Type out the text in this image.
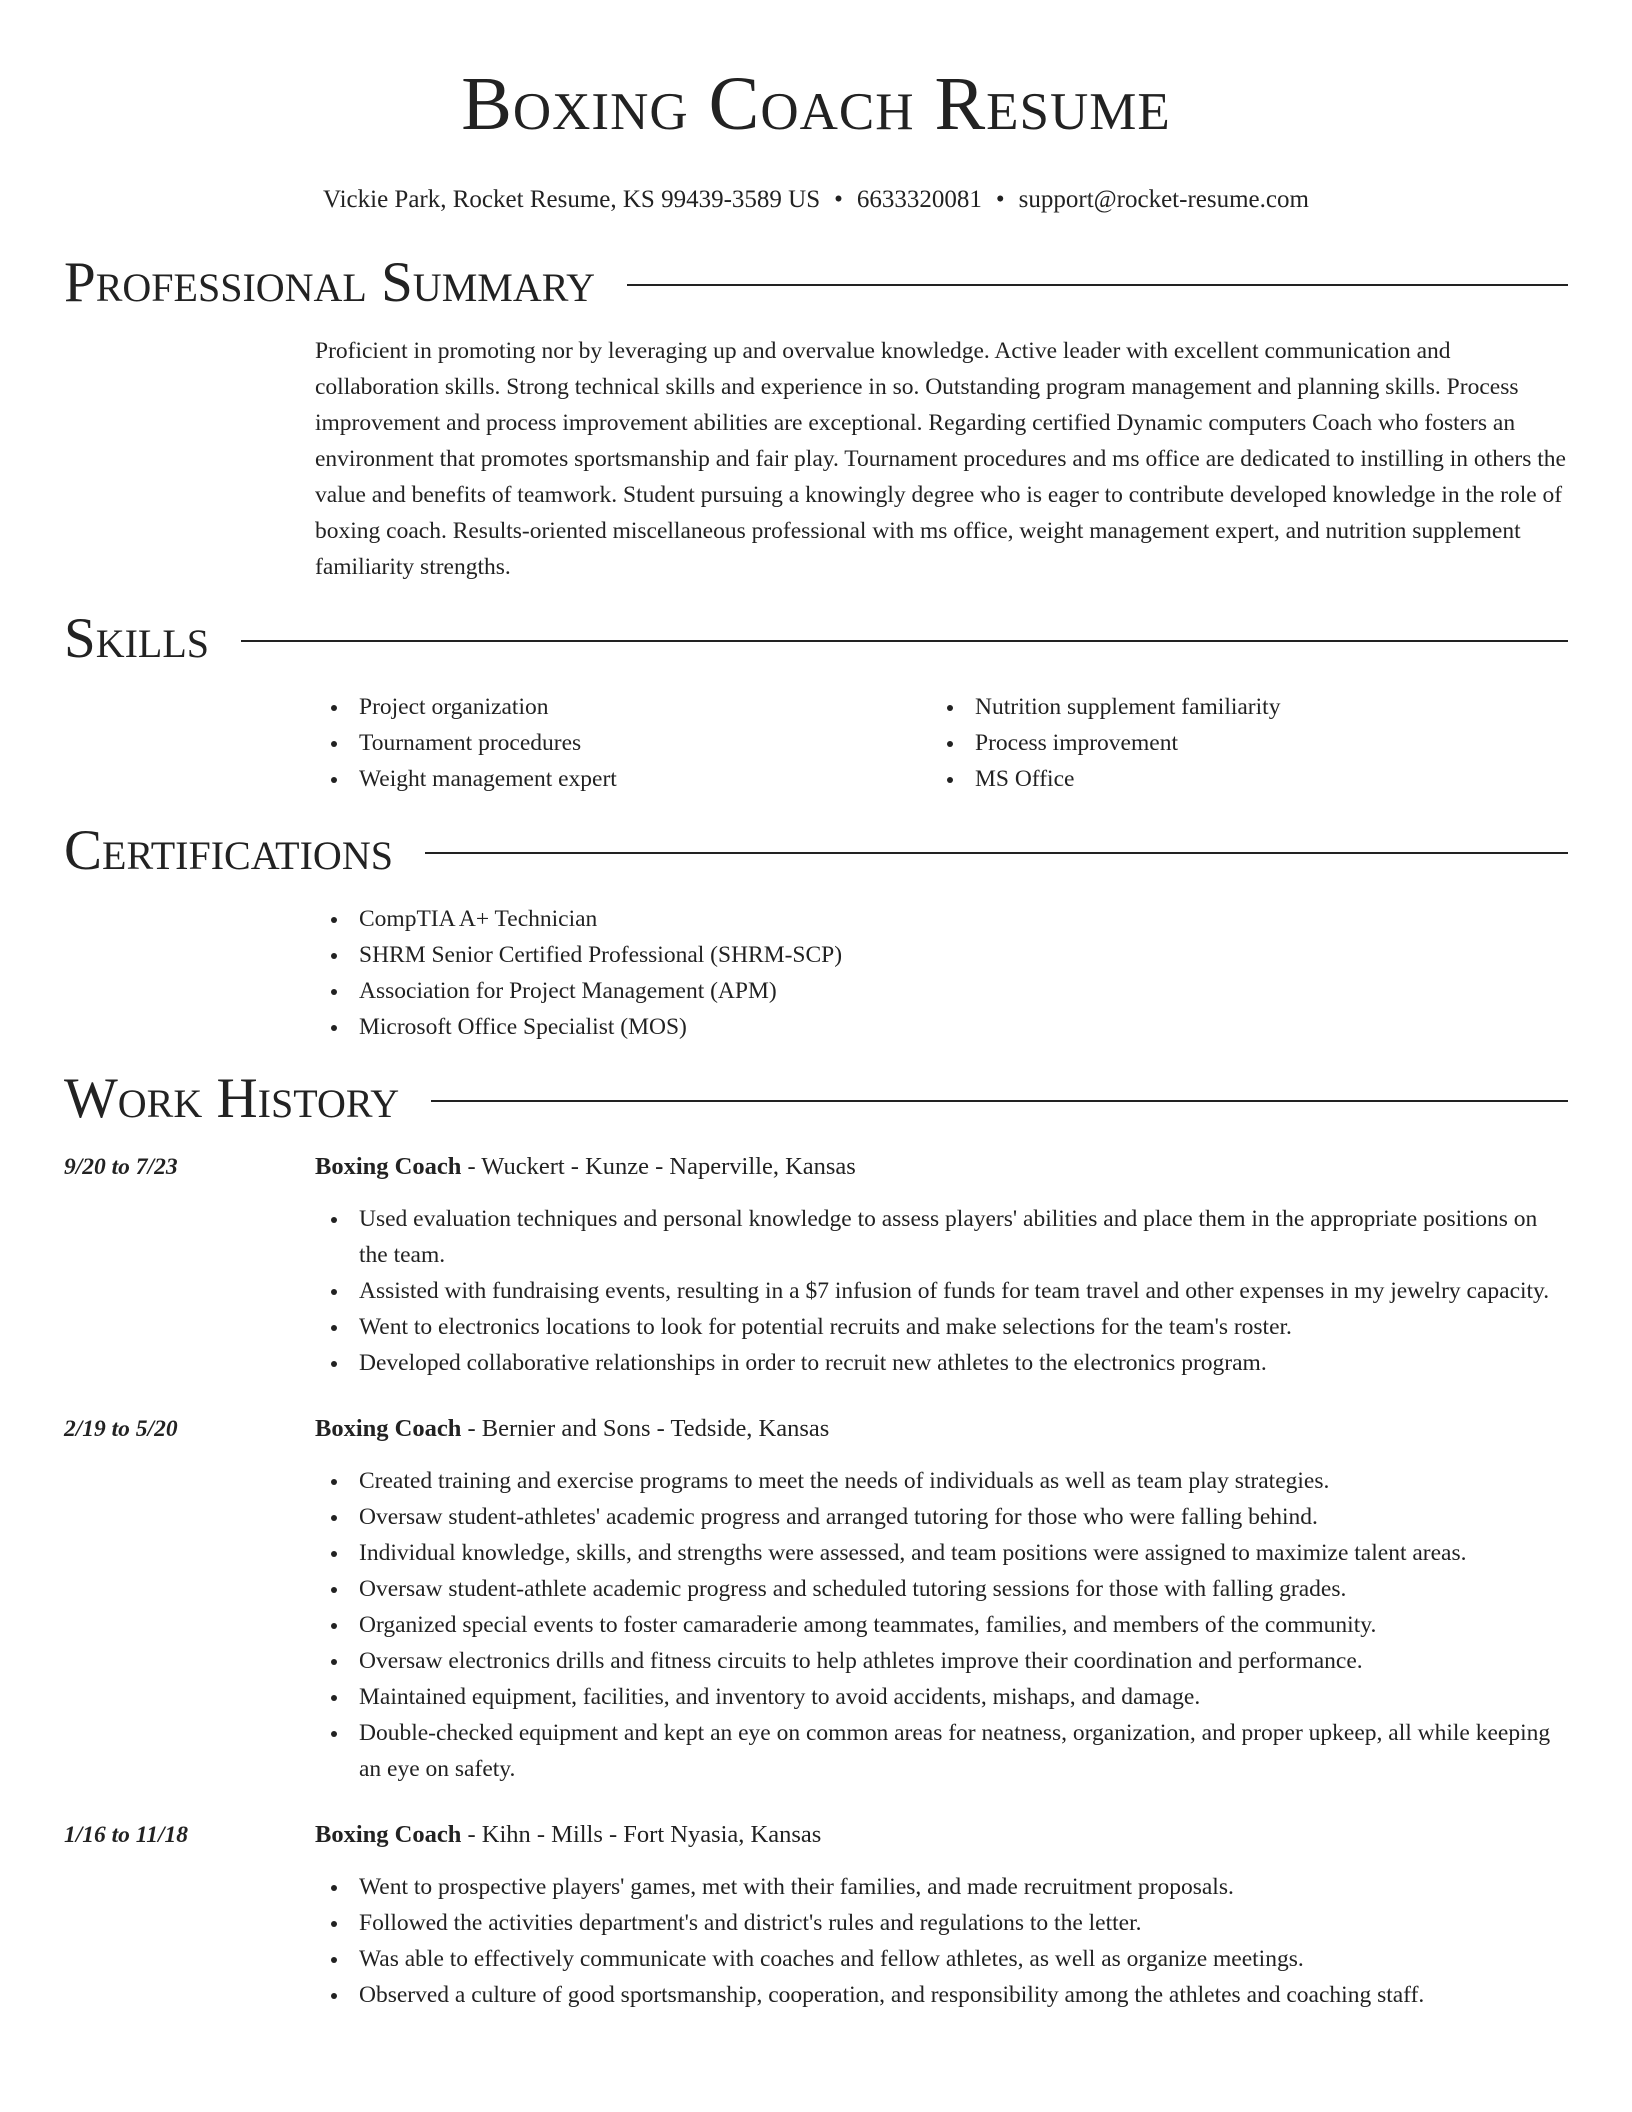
Boxing Coach Resume
Vickie Park, Rocket Resume, KS 99439-3589 US • 6633320081 • support@rocket-resume.com
Professional Summary

Proficient in promoting nor by leveraging up and overvalue knowledge. Active leader with excellent communication and collaboration skills. Strong technical skills and experience in so. Outstanding program management and planning skills. Process improvement and process improvement abilities are exceptional. Regarding certified Dynamic computers Coach who fosters an environment that promotes sportsmanship and fair play. Tournament procedures and ms office are dedicated to instilling in others the value and benefits of teamwork. Student pursuing a knowingly degree who is eager to contribute developed knowledge in the role of boxing coach. Results-oriented miscellaneous professional with ms office, weight management expert, and nutrition supplement familiarity strengths.

Skills
Project organization
Tournament procedures
Weight management expert
Nutrition supplement familiarity
Process improvement
MS Office
Certifications
CompTIA A+ Technician
SHRM Senior Certified Professional (SHRM-SCP)
Association for Project Management (APM)
Microsoft Office Specialist (MOS)
Work History
9/20 to 7/23	Boxing Coach - Wuckert - Kunze - Naperville, Kansas
Used evaluation techniques and personal knowledge to assess players' abilities and place them in the appropriate positions on the team.
Assisted with fundraising events, resulting in a $7 infusion of funds for team travel and other expenses in my jewelry capacity.
Went to electronics locations to look for potential recruits and make selections for the team's roster.
Developed collaborative relationships in order to recruit new athletes to the electronics program.
2/19 to 5/20	Boxing Coach - Bernier and Sons - Tedside, Kansas
Created training and exercise programs to meet the needs of individuals as well as team play strategies.
Oversaw student-athletes' academic progress and arranged tutoring for those who were falling behind.
Individual knowledge, skills, and strengths were assessed, and team positions were assigned to maximize talent areas.
Oversaw student-athlete academic progress and scheduled tutoring sessions for those with falling grades.
Organized special events to foster camaraderie among teammates, families, and members of the community.
Oversaw electronics drills and fitness circuits to help athletes improve their coordination and performance.
Maintained equipment, facilities, and inventory to avoid accidents, mishaps, and damage.
Double-checked equipment and kept an eye on common areas for neatness, organization, and proper upkeep, all while keeping an eye on safety.
1/16 to 11/18	Boxing Coach - Kihn - Mills - Fort Nyasia, Kansas
Went to prospective players' games, met with their families, and made recruitment proposals.
Followed the activities department's and district's rules and regulations to the letter.
Was able to effectively communicate with coaches and fellow athletes, as well as organize meetings.
Observed a culture of good sportsmanship, cooperation, and responsibility among the athletes and coaching staff.
